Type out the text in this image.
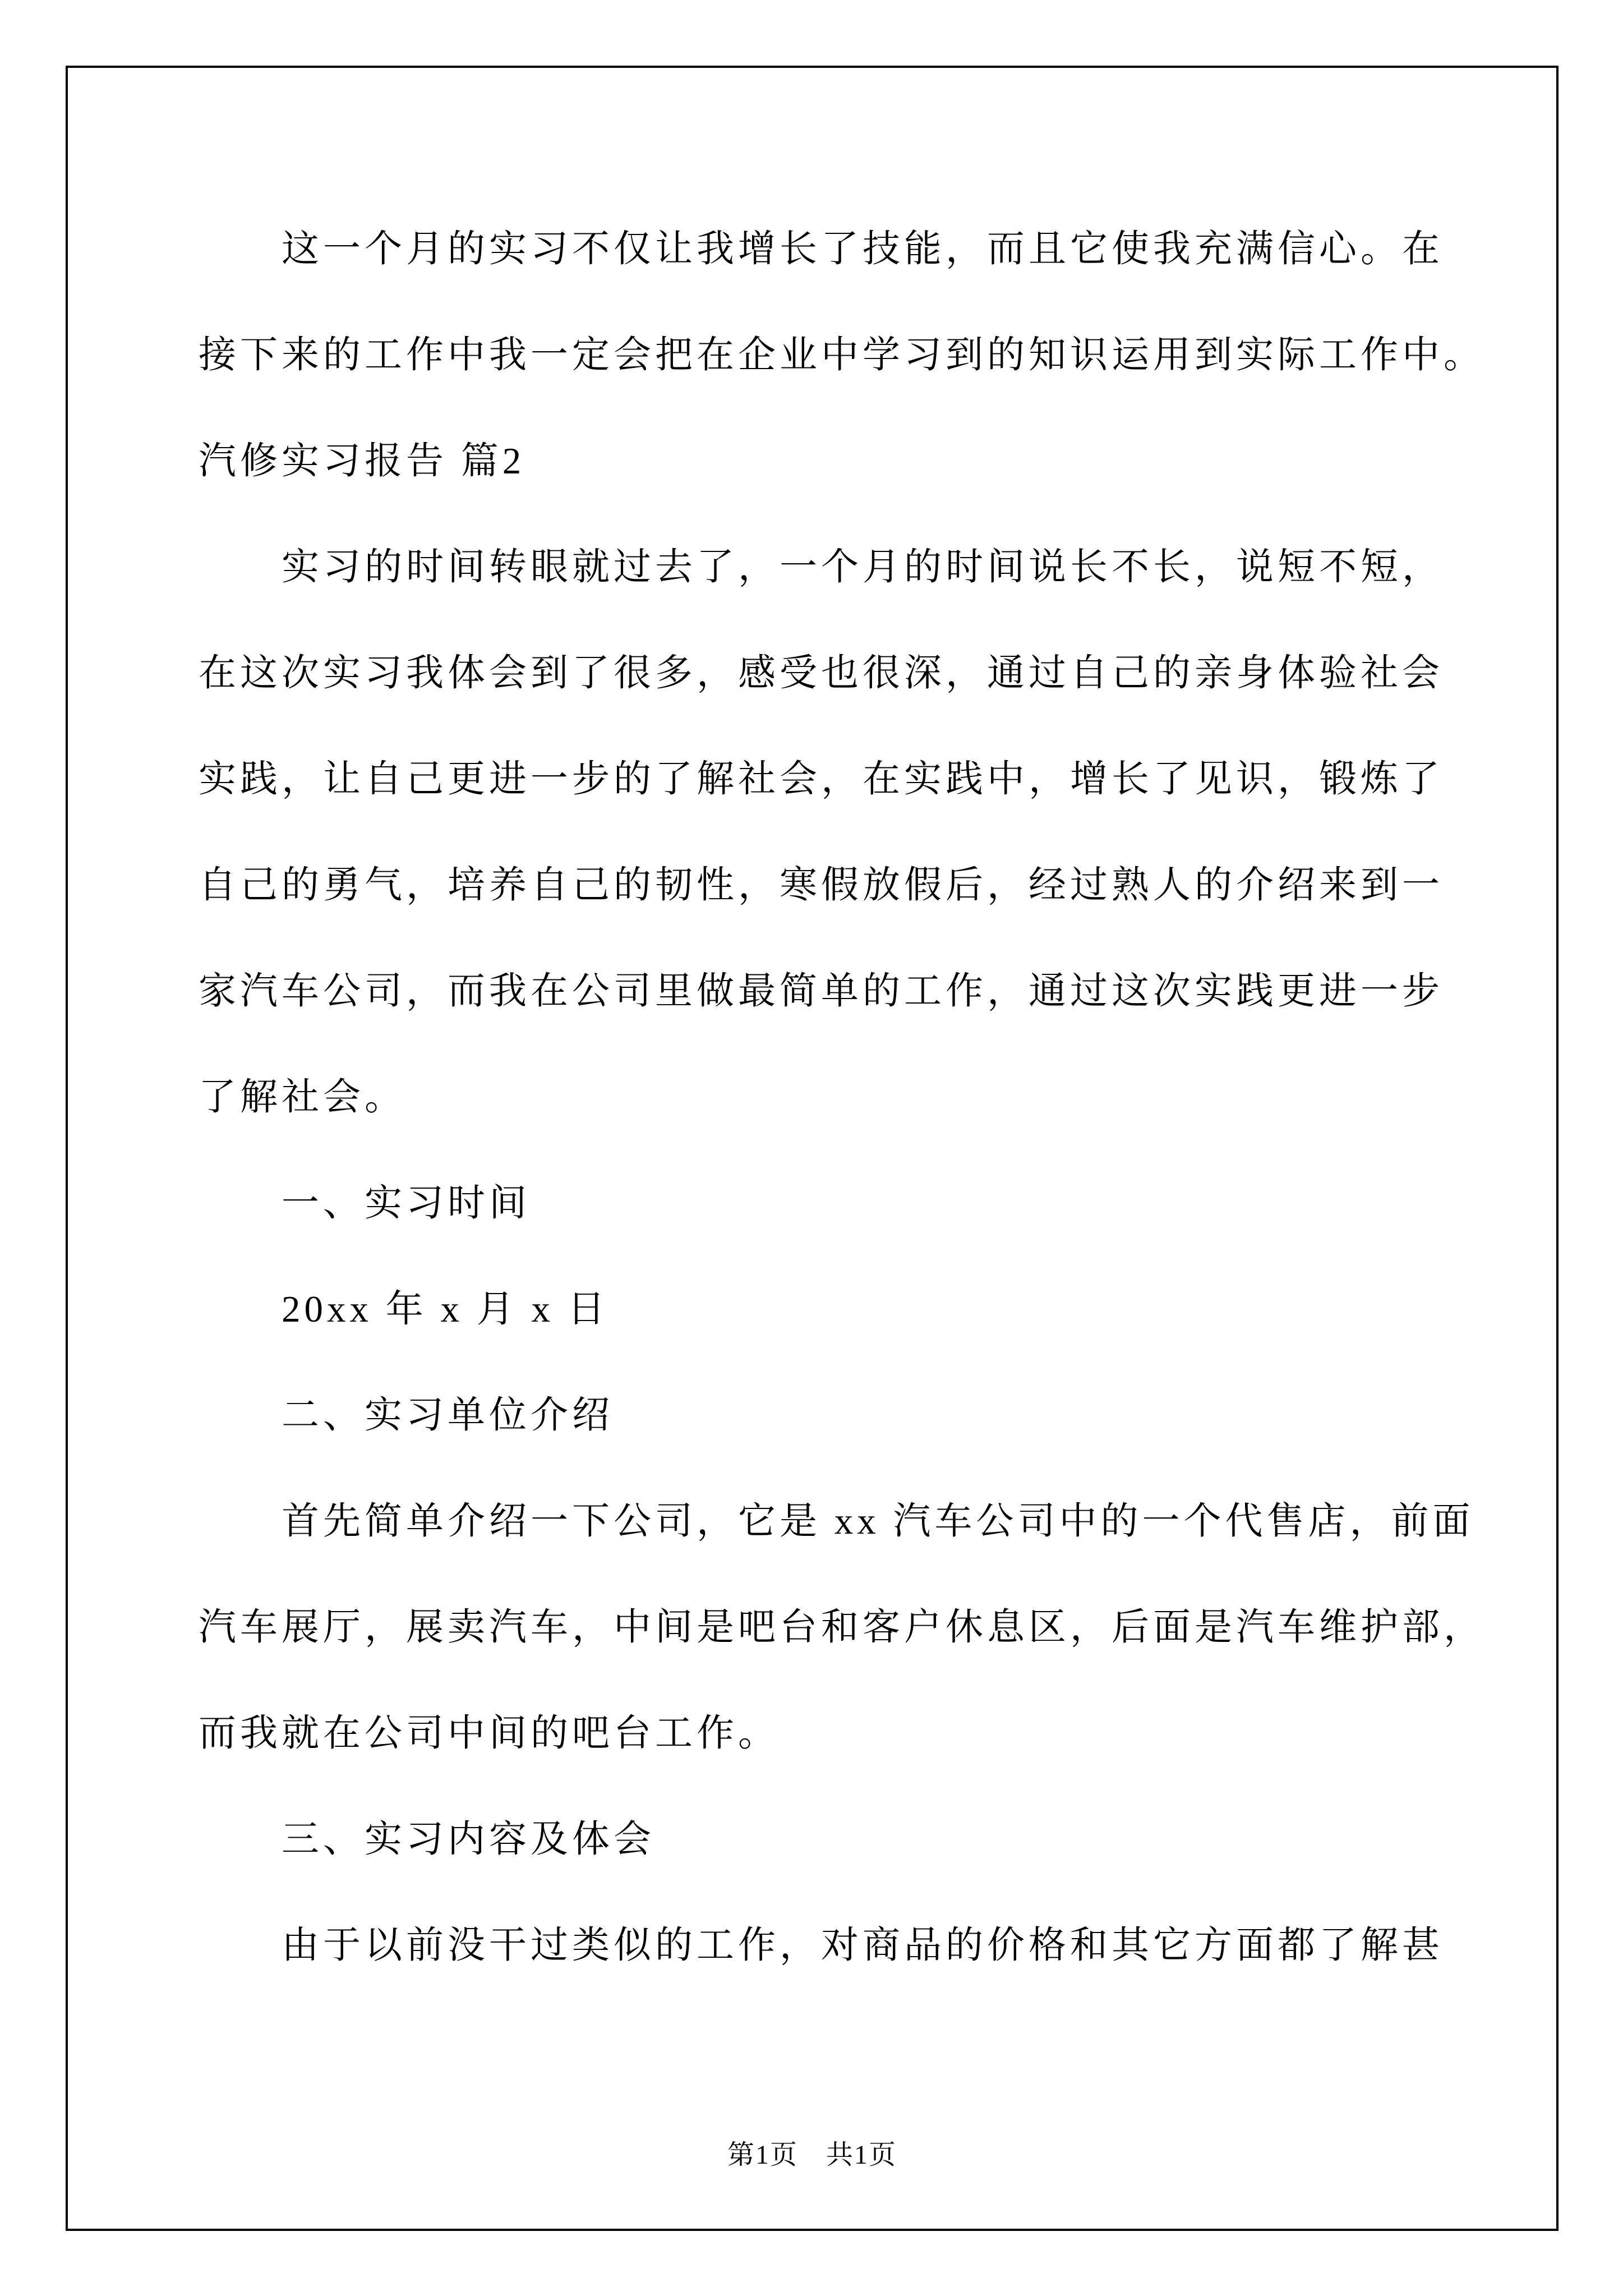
这一个月的实习不仅让我增长了技能，而且它使我充满信心。在
接下来的工作中我一定会把在企业中学习到的知识运用到实际工作中。
汽修实习报告 篇2
实习的时间转眼就过去了，一个月的时间说长不长，说短不短，
在这次实习我体会到了很多，感受也很深，通过自己的亲身体验社会
实践，让自己更进一步的了解社会，在实践中，增长了见识，锻炼了
自己的勇气，培养自己的韧性，寒假放假后，经过熟人的介绍来到一
家汽车公司，而我在公司里做最简单的工作，通过这次实践更进一步
了解社会。
一、实习时间
20xx 年 x 月 x 日
二、实习单位介绍
首先简单介绍一下公司，它是 xx 汽车公司中的一个代售店，前面
汽车展厅，展卖汽车，中间是吧台和客户休息区，后面是汽车维护部，
而我就在公司中间的吧台工作。
三、实习内容及体会
由于以前没干过类似的工作，对商品的价格和其它方面都了解甚
第1页　共1页
